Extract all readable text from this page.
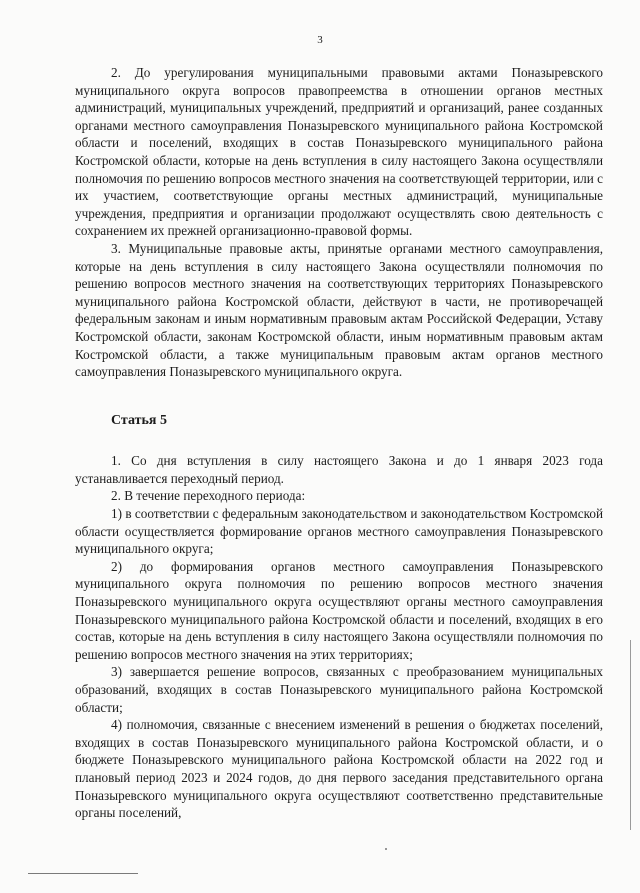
3

2. До урегулирования муниципальными правовыми актами Поназыревского муниципального округа вопросов правопреемства в отношении органов местных администраций, муниципальных учреждений, предприятий и организаций, ранее созданных органами местного самоуправления Поназыревского муниципального района Костромской области и поселений, входящих в состав Поназыревского муниципального района Костромской области, которые на день вступления в силу настоящего Закона осуществляли полномочия по решению вопросов местного значения на соответствующей территории, или с их участием, соответствующие органы местных администраций, муниципальные учреждения, предприятия и организации продолжают осуществлять свою деятельность с сохранением их прежней организационно-правовой формы.

3. Муниципальные правовые акты, принятые органами местного самоуправления, которые на день вступления в силу настоящего Закона осуществляли полномочия по решению вопросов местного значения на соответствующих территориях Поназыревского муниципального района Костромской области, действуют в части, не противоречащей федеральным законам и иным нормативным правовым актам Российской Федерации, Уставу Костромской области, законам Костромской области, иным нормативным правовым актам Костромской области, а также муниципальным правовым актам органов местного самоуправления Поназыревского муниципального округа.

Статья 5

1. Со дня вступления в силу настоящего Закона и до 1 января 2023 года устанавливается переходный период.

2. В течение переходного периода:

1) в соответствии с федеральным законодательством и законодательством Костромской области осуществляется формирование органов местного самоуправления Поназыревского муниципального округа;

2) до формирования органов местного самоуправления Поназыревского муниципального округа полномочия по решению вопросов местного значения Поназыревского муниципального округа осуществляют органы местного самоуправления Поназыревского муниципального района Костромской области и поселений, входящих в его состав, которые на день вступления в силу настоящего Закона осуществляли полномочия по решению вопросов местного значения на этих территориях;

3) завершается решение вопросов, связанных с преобразованием муниципальных образований, входящих в состав Поназыревского муниципального района Костромской области;

4) полномочия, связанные с внесением изменений в решения о бюджетах поселений, входящих в состав Поназыревского муниципального района Костромской области, и о бюджете Поназыревского муниципального района Костромской области на 2022 год и плановый период 2023 и 2024 годов, до дня первого заседания представительного органа Поназыревского муниципального округа осуществляют соответственно представительные органы поселений,
